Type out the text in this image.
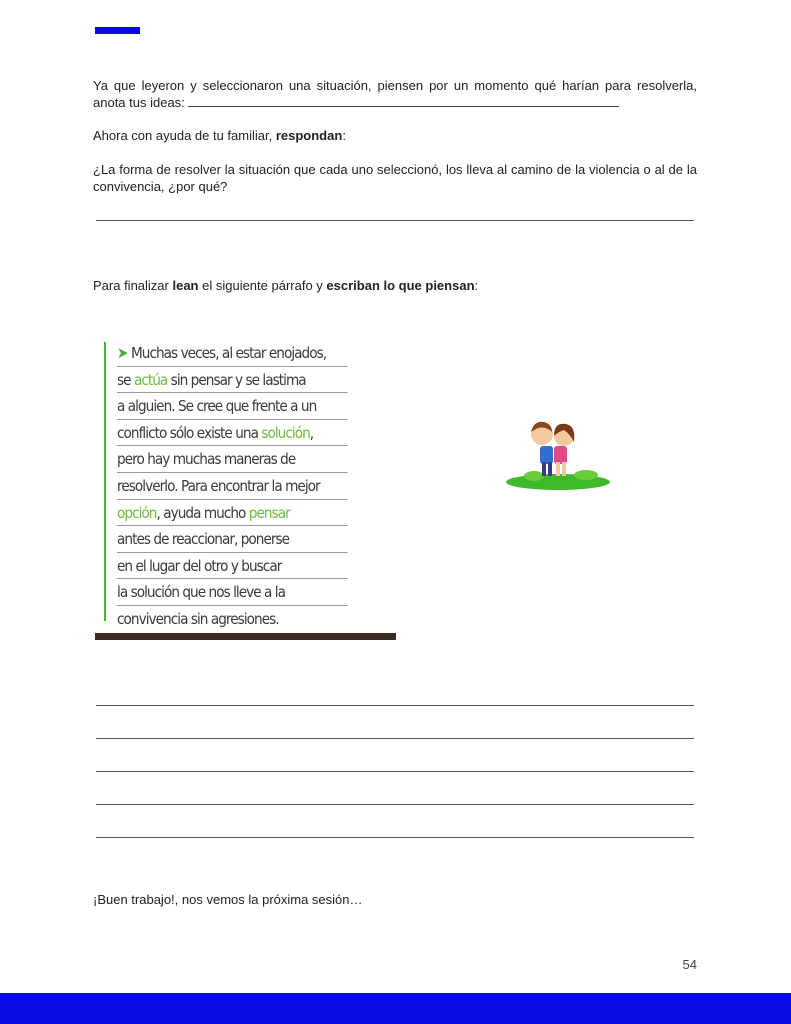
Ya que leyeron y seleccionaron una situación, piensen por un momento qué harían para resolverla, anota tus ideas:

Ahora con ayuda de tu familiar, respondan:

¿La forma de resolver la situación que cada uno seleccionó, los lleva al camino de la violencia o al de la convivencia, ¿por qué?

Para finalizar lean el siguiente párrafo y escriban lo que piensan:

➤ Muchas veces, al estar enojados,
se actúa sin pensar y se lastima
a alguien. Se cree que frente a un
conflicto sólo existe una solución,
pero hay muchas maneras de
resolverlo. Para encontrar la mejor
opción, ayuda mucho pensar
antes de reaccionar, ponerse
en el lugar del otro y buscar
la solución que nos lleve a la
convivencia sin agresiones.
¡Buen trabajo!, nos vemos la próxima sesión…
54
